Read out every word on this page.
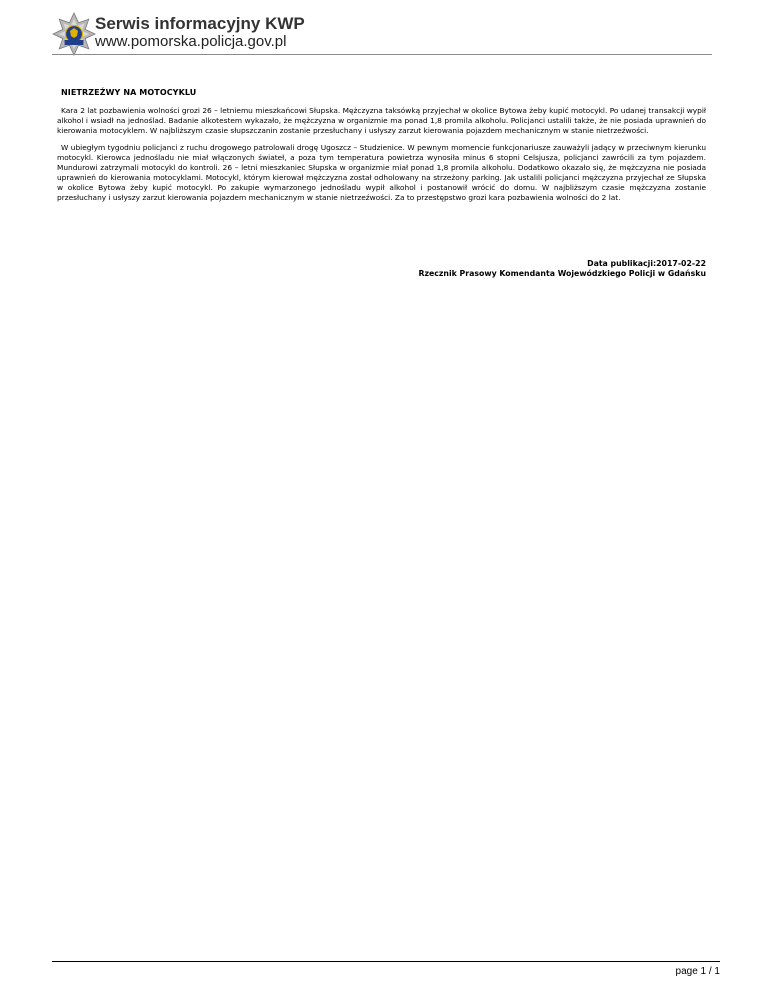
Serwis informacyjny KWP
www.pomorska.policja.gov.pl
NIETRZEŹWY NA MOTOCYKLU

Kara 2 lat pozbawienia wolności grozi 26 – letniemu mieszkańcowi Słupska. Mężczyzna taksówką przyjechał w okolice Bytowa żeby kupić motocykl. Po udanej transakcji wypił alkohol i wsiadł na jednoślad. Badanie alkotestem wykazało, że mężczyzna w organizmie ma ponad 1,8 promila alkoholu. Policjanci ustalili także, że nie posiada uprawnień do kierowania motocyklem. W najbliższym czasie słupszczanin zostanie przesłuchany i usłyszy zarzut kierowania pojazdem mechanicznym w stanie nietrzeźwości.

W ubiegłym tygodniu policjanci z ruchu drogowego patrolowali drogę Ugoszcz – Studzienice. W pewnym momencie funkcjonariusze zauważyli jadący w przeciwnym kierunku motocykl. Kierowca jednośladu nie miał włączonych świateł, a poza tym temperatura powietrza wynosiła minus 6 stopni Celsjusza, policjanci zawrócili za tym pojazdem. Mundurowi zatrzymali motocykl do kontroli. 26 – letni mieszkaniec Słupska w organizmie miał ponad 1,8 promila alkoholu. Dodatkowo okazało się, że mężczyzna nie posiada uprawnień do kierowania motocyklami. Motocykl, którym kierował mężczyzna został odholowany na strzeżony parking. Jak ustalili policjanci mężczyzna przyjechał ze Słupska w okolice Bytowa żeby kupić motocykl. Po zakupie wymarzonego jednośladu wypił alkohol i postanowił wrócić do domu. W najbliższym czasie mężczyzna zostanie przesłuchany i usłyszy zarzut kierowania pojazdem mechanicznym w stanie nietrzeźwości. Za to przestępstwo grozi kara pozbawienia wolności do 2 lat.

Data publikacji:2017-02-22
Rzecznik Prasowy Komendanta Wojewódzkiego Policji w Gdańsku
page 1 / 1
